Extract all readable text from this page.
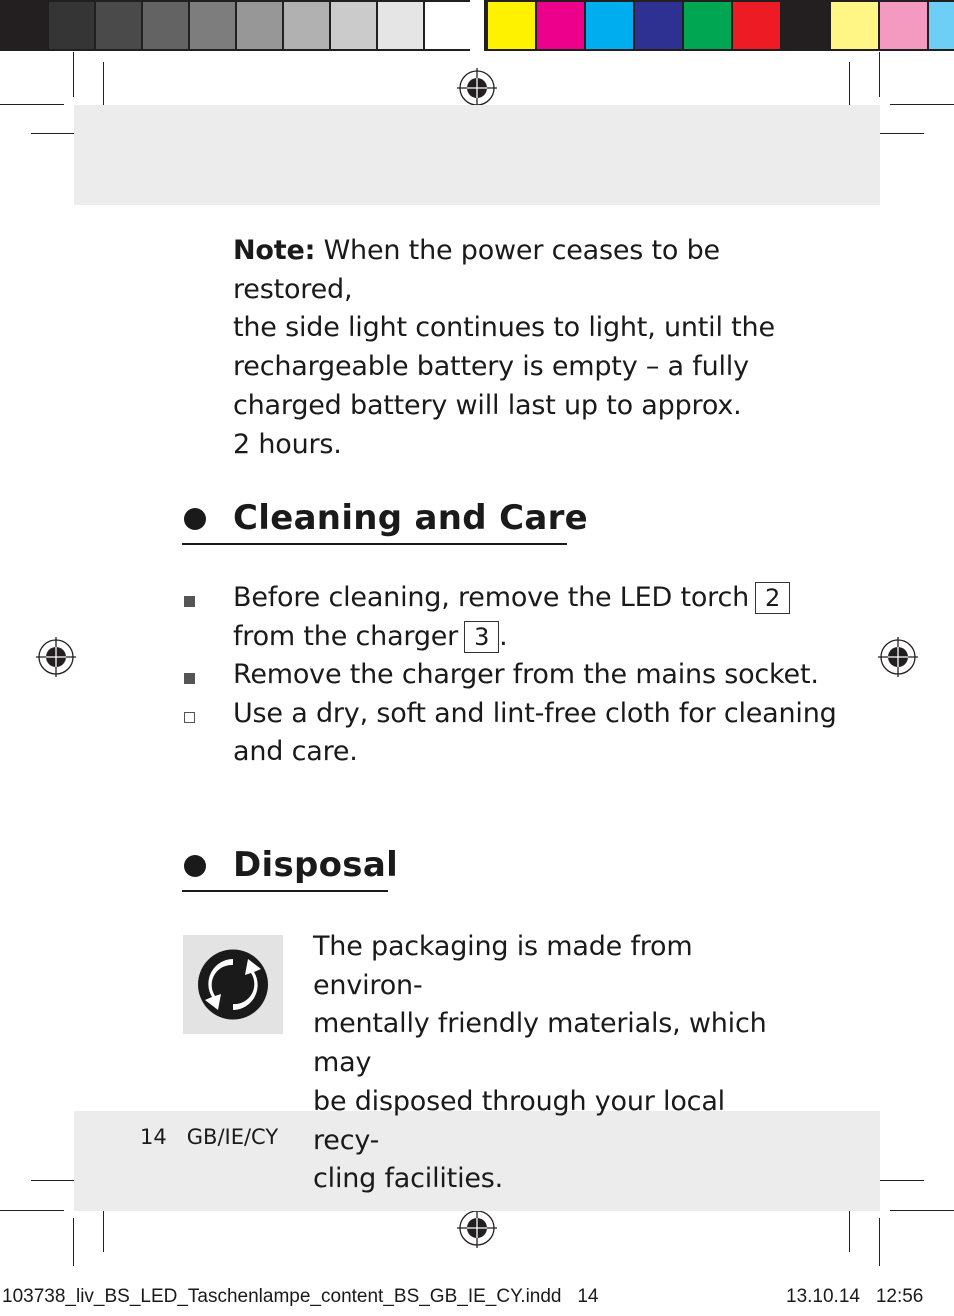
Note: When the power ceases to be restored,
the side light continues to light, until the
rechargeable battery is empty – a fully
charged battery will last up to approx.
2 hours.
Cleaning and Care
Before cleaning, remove the LED torch 2
from the charger 3 .
Remove the charger from the mains socket.
Use a dry, soft and lint-free cloth for cleaning
and care.
Disposal
The packaging is made from environ-
mentally friendly materials, which may
be disposed through your local recy-
cling facilities.
14 GB/IE/CY
103738_liv_BS_LED_Taschenlampe_content_BS_GB_IE_CY.indd 14	13.10.14 12:56
